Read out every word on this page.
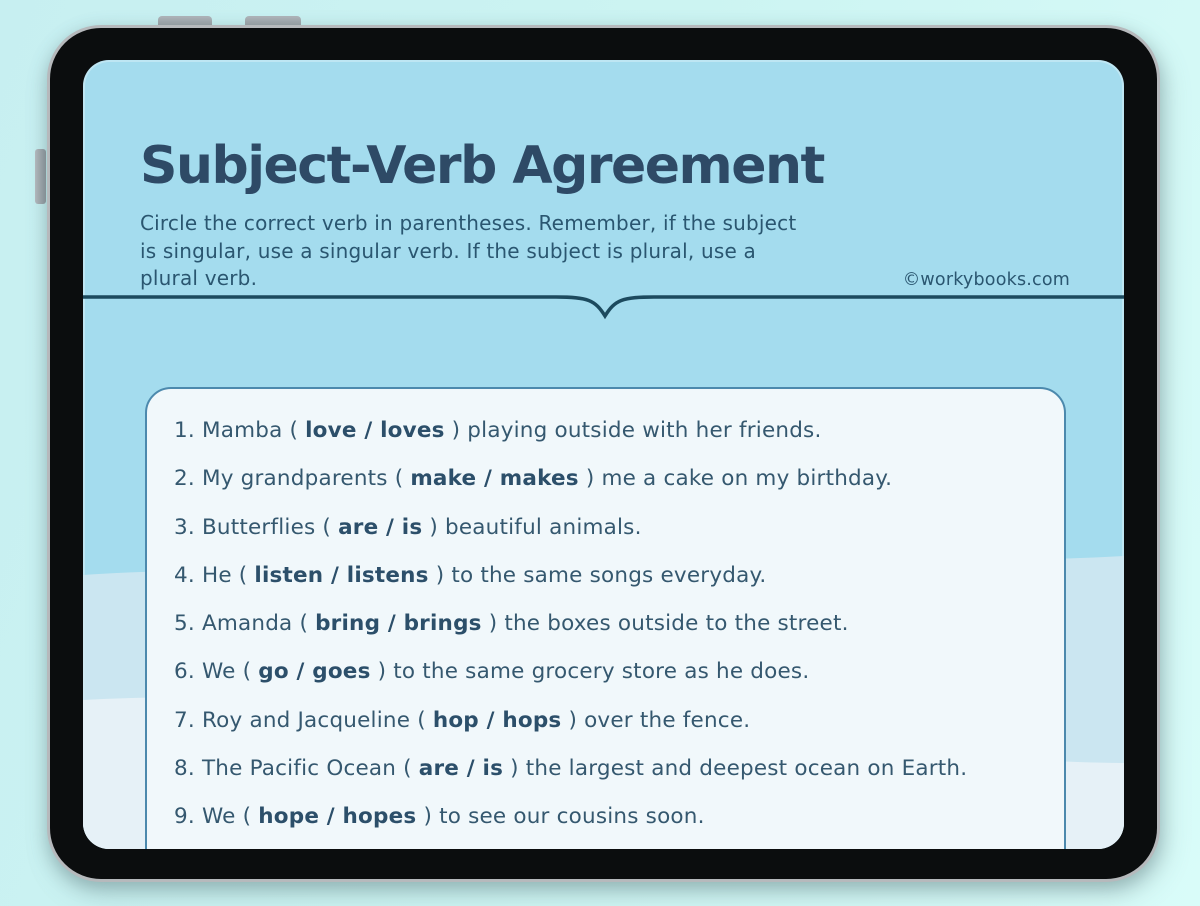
Subject-Verb Agreement
Circle the correct verb in parentheses. Remember, if the subject
is singular, use a singular verb. If the subject is plural, use a
plural verb.	©workybooks.com
1. Mamba ( love / loves ) playing outside with her friends.
2. My grandparents ( make / makes ) me a cake on my birthday.
3. Butterflies ( are / is ) beautiful animals.
4. He ( listen / listens ) to the same songs everyday.
5. Amanda ( bring / brings ) the boxes outside to the street.
6. We ( go / goes ) to the same grocery store as he does.
7. Roy and Jacqueline ( hop / hops ) over the fence.
8. The Pacific Ocean ( are / is ) the largest and deepest ocean on Earth.
9. We ( hope / hopes ) to see our cousins soon.
